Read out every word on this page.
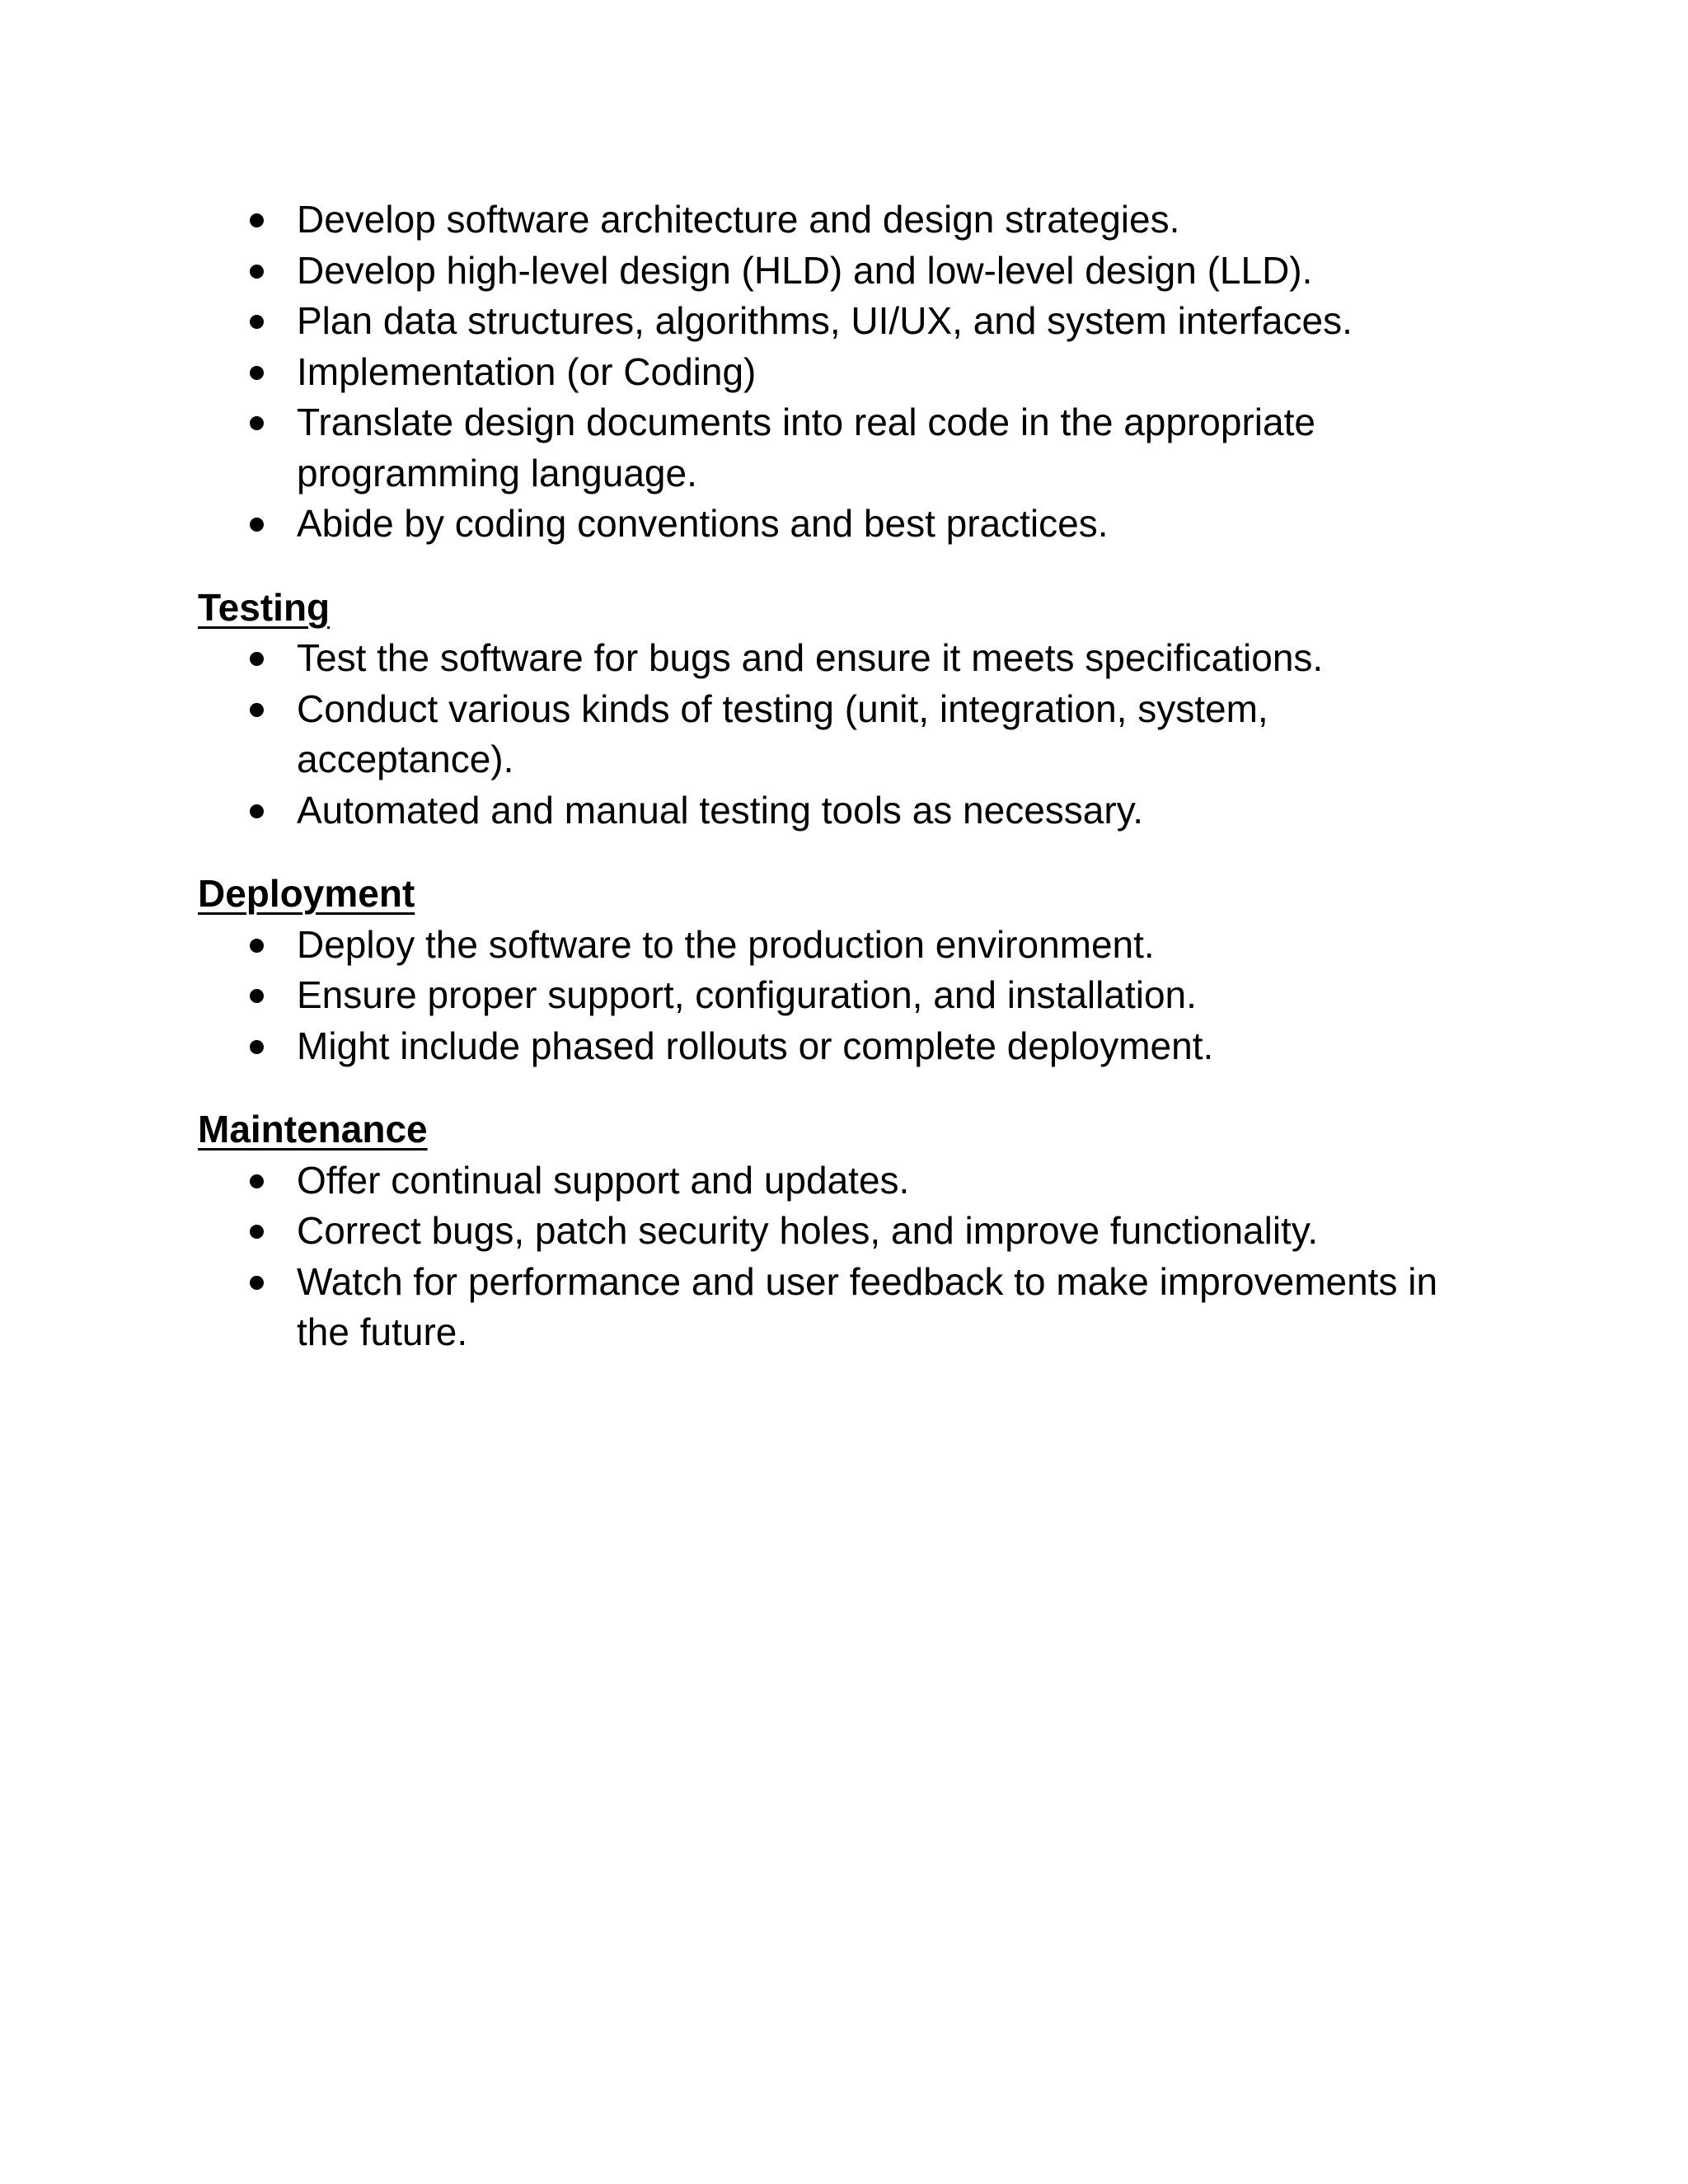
Develop software architecture and design strategies.
Develop high-level design (HLD) and low-level design (LLD).
Plan data structures, algorithms, UI/UX, and system interfaces.
Implementation (or Coding)
Translate design documents into real code in the appropriate programming language.
Abide by coding conventions and best practices.
Testing
Test the software for bugs and ensure it meets specifications.
Conduct various kinds of testing (unit, integration, system, acceptance).
Automated and manual testing tools as necessary.
Deployment
Deploy the software to the production environment.
Ensure proper support, configuration, and installation.
Might include phased rollouts or complete deployment.
Maintenance
Offer continual support and updates.
Correct bugs, patch security holes, and improve functionality.
Watch for performance and user feedback to make improvements in the future.
